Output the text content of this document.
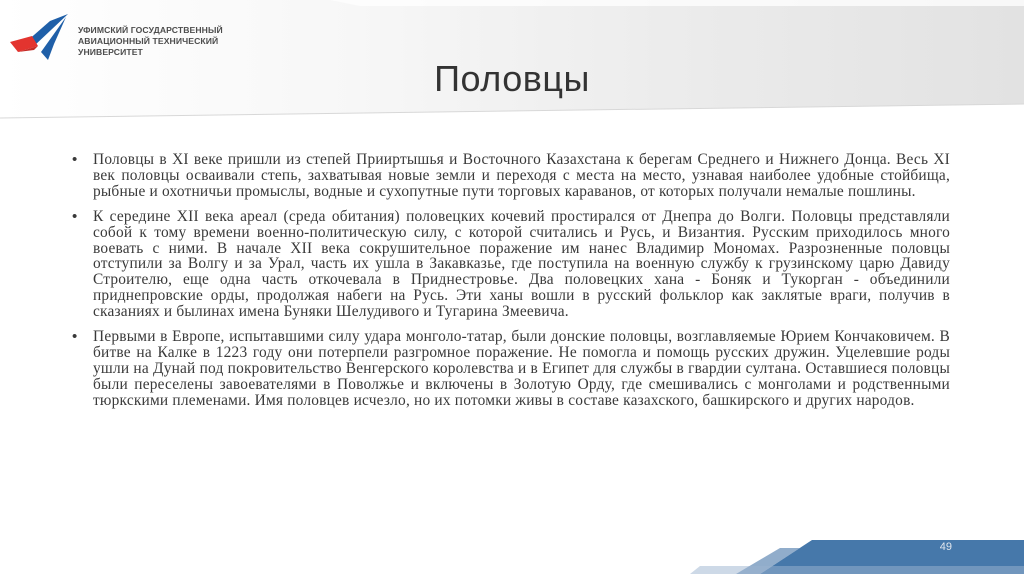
УФИМСКИЙ ГОСУДАРСТВЕННЫЙ
АВИАЦИОННЫЙ ТЕХНИЧЕСКИЙ
УНИВЕРСИТЕТ
Половцы
• Половцы в XI веке пришли из степей Прииртышья и Восточного Казахстана к берегам Среднего и Нижнего Донца. Весь XI век половцы осваивали степь, захватывая новые земли и переходя с места на место, узнавая наиболее удобные стойбища, рыбные и охотничьи промыслы, водные и сухопутные пути торговых караванов, от которых получали немалые пошлины.
• К середине XII века ареал (среда обитания) половецких кочевий простирался от Днепра до Волги. Половцы представляли собой к тому времени военно-политическую силу, с которой считались и Русь, и Византия. Русским приходилось много воевать с ними. В начале XII века сокрушительное поражение им нанес Владимир Мономах. Разрозненные половцы отступили за Волгу и за Урал, часть их ушла в Закавказье, где поступила на военную службу к грузинскому царю Давиду Строителю, еще одна часть откочевала в Приднестровье. Два половецких хана - Боняк и Тукорган - объединили приднепровские орды, продолжая набеги на Русь. Эти ханы вошли в русский фольклор как заклятые враги, получив в сказаниях и былинах имена Буняки Шелудивого и Тугарина Змеевича.
• Первыми в Европе, испытавшими силу удара монголо-татар, были донские половцы, возглавляемые Юрием Кончаковичем. В битве на Калке в 1223 году они потерпели разгромное поражение. Не помогла и помощь русских дружин. Уцелевшие роды ушли на Дунай под покровительство Венгерского королевства и в Египет для службы в гвардии султана. Оставшиеся половцы были переселены завоевателями в Поволжье и включены в Золотую Орду, где смешивались с монголами и родственными тюркскими племенами. Имя половцев исчезло, но их потомки живы в составе казахского, башкирского и других народов.
49
